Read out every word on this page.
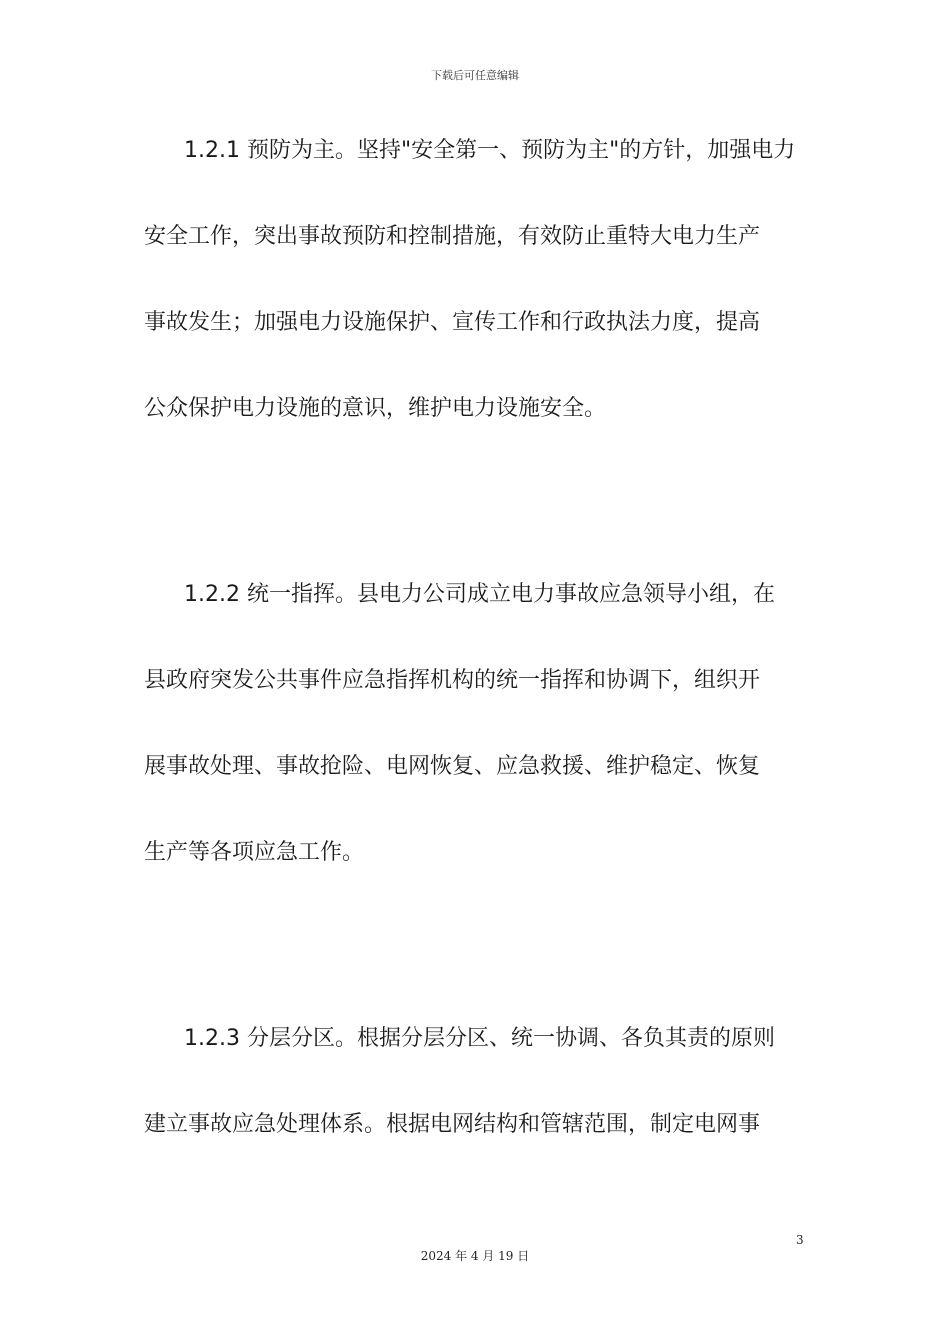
下载后可任意编辑
1.2.1 预防为主。坚持"安全第一、预防为主"的方针，加强电力
安全工作，突出事故预防和控制措施，有效防止重特大电力生产
事故发生；加强电力设施保护、宣传工作和行政执法力度，提高
公众保护电力设施的意识，维护电力设施安全。
1.2.2 统一指挥。县电力公司成立电力事故应急领导小组，在
县政府突发公共事件应急指挥机构的统一指挥和协调下，组织开
展事故处理、事故抢险、电网恢复、应急救援、维护稳定、恢复
生产等各项应急工作。
1.2.3 分层分区。根据分层分区、统一协调、各负其责的原则
建立事故应急处理体系。根据电网结构和管辖范围，制定电网事
3
2024 年 4 月 19 日
